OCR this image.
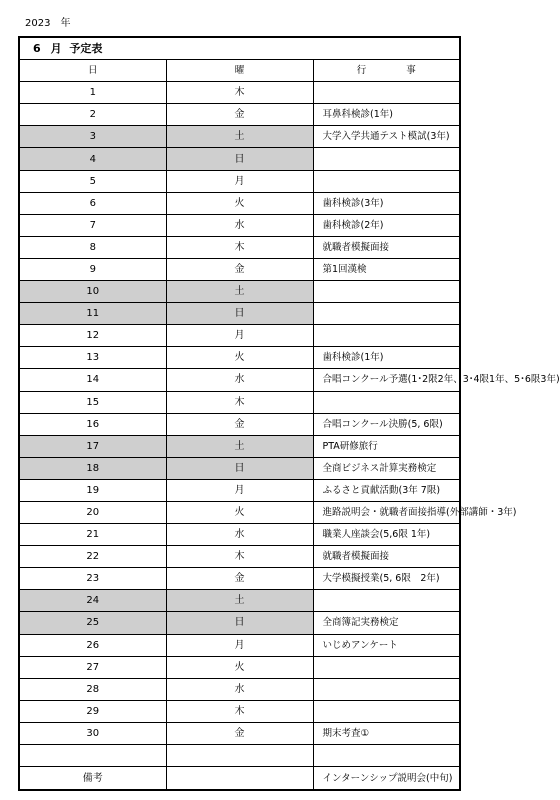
2023 年
6 月 予定表		
日	曜	行 事
1	木	
2	金	耳鼻科検診(1年)
3	土	大学入学共通テスト模試(3年)
4	日	
5	月	
6	火	歯科検診(3年)
7	水	歯科検診(2年)
8	木	就職者模擬面接
9	金	第1回漢検
10	土	
11	日	
12	月	
13	火	歯科検診(1年)
14	水	合唱コンクール予選(1･2限2年、3･4限1年、5･6限3年)
15	木	
16	金	合唱コンクール決勝(5, 6限)
17	土	PTA研修旅行
18	日	全商ビジネス計算実務検定
19	月	ふるさと貢献活動(3年 7限)
20	火	進路説明会・就職者面接指導(外部講師・3年)
21	水	職業人座談会(5,6限 1年)
22	木	就職者模擬面接
23	金	大学模擬授業(5, 6限　2年)
24	土	
25	日	全商簿記実務検定
26	月	いじめアンケート
27	火	
28	水	
29	木	
30	金	期末考査①

備考		インターンシップ説明会(中旬)
